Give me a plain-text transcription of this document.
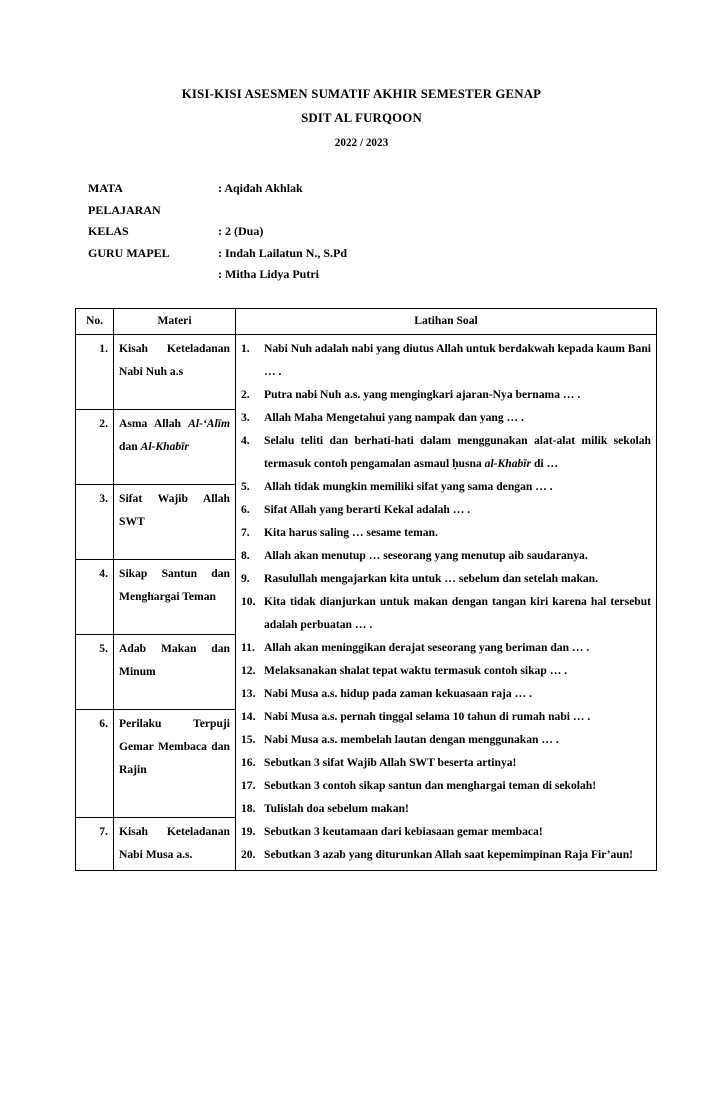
KISI-KISI ASESMEN SUMATIF AKHIR SEMESTER GENAP
SDIT AL FURQOON
2022 / 2023
MATA	: Aqidah Akhlak
PELAJARAN
KELAS	: 2 (Dua)
GURU MAPEL	: Indah Lailatun N., S.Pd
: Mitha Lidya Putri
No.	Materi	Latihan Soal
1.	Kisah Keteladanan Nabi Nuh a.s	
1.	Nabi Nuh adalah nabi yang diutus Allah untuk berdakwah kepada kaum Bani … .
2.	Putra nabi Nuh a.s. yang mengingkari ajaran-Nya bernama … .
3.	Allah Maha Mengetahui yang nampak dan yang … .
4.	Selalu teliti dan berhati-hati dalam menggunakan alat-alat milik sekolah termasuk contoh pengamalan asmaul ḥusna al-Khabīr di …
5.	Allah tidak mungkin memiliki sifat yang sama dengan … .
6.	Sifat Allah yang berarti Kekal adalah … .
7.	Kita harus saling … sesame teman.
8.	Allah akan menutup … seseorang yang menutup aib saudaranya.
9.	Rasulullah mengajarkan kita untuk … sebelum dan setelah makan.
10. Kita tidak dianjurkan untuk makan dengan tangan kiri karena hal tersebut adalah perbuatan … .
11. Allah akan meninggikan derajat seseorang yang beriman dan … .
12. Melaksanakan shalat tepat waktu termasuk contoh sikap … .
13. Nabi Musa a.s. hidup pada zaman kekuasaan raja … .
14. Nabi Musa a.s. pernah tinggal selama 10 tahun di rumah nabi … .
15. Nabi Musa a.s. membelah lautan dengan menggunakan … .
16. Sebutkan 3 sifat Wajib Allah SWT beserta artinya!
17. Sebutkan 3 contoh sikap santun dan menghargai teman di sekolah!
18. Tulislah doa sebelum makan!
19. Sebutkan 3 keutamaan dari kebiasaan gemar membaca!
20. Sebutkan 3 azab yang diturunkan Allah saat kepemimpinan Raja Fir’aun!

2.	Asma Allah Al-‘Alīm dan Al-Khabīr	
3.	Sifat Wajib Allah SWT	
4.	Sikap Santun dan Menghargai Teman	
5.	Adab Makan dan Minum	
6.	Perilaku Terpuji Gemar Membaca dan Rajin	
7.	Kisah Keteladanan Nabi Musa a.s.	
